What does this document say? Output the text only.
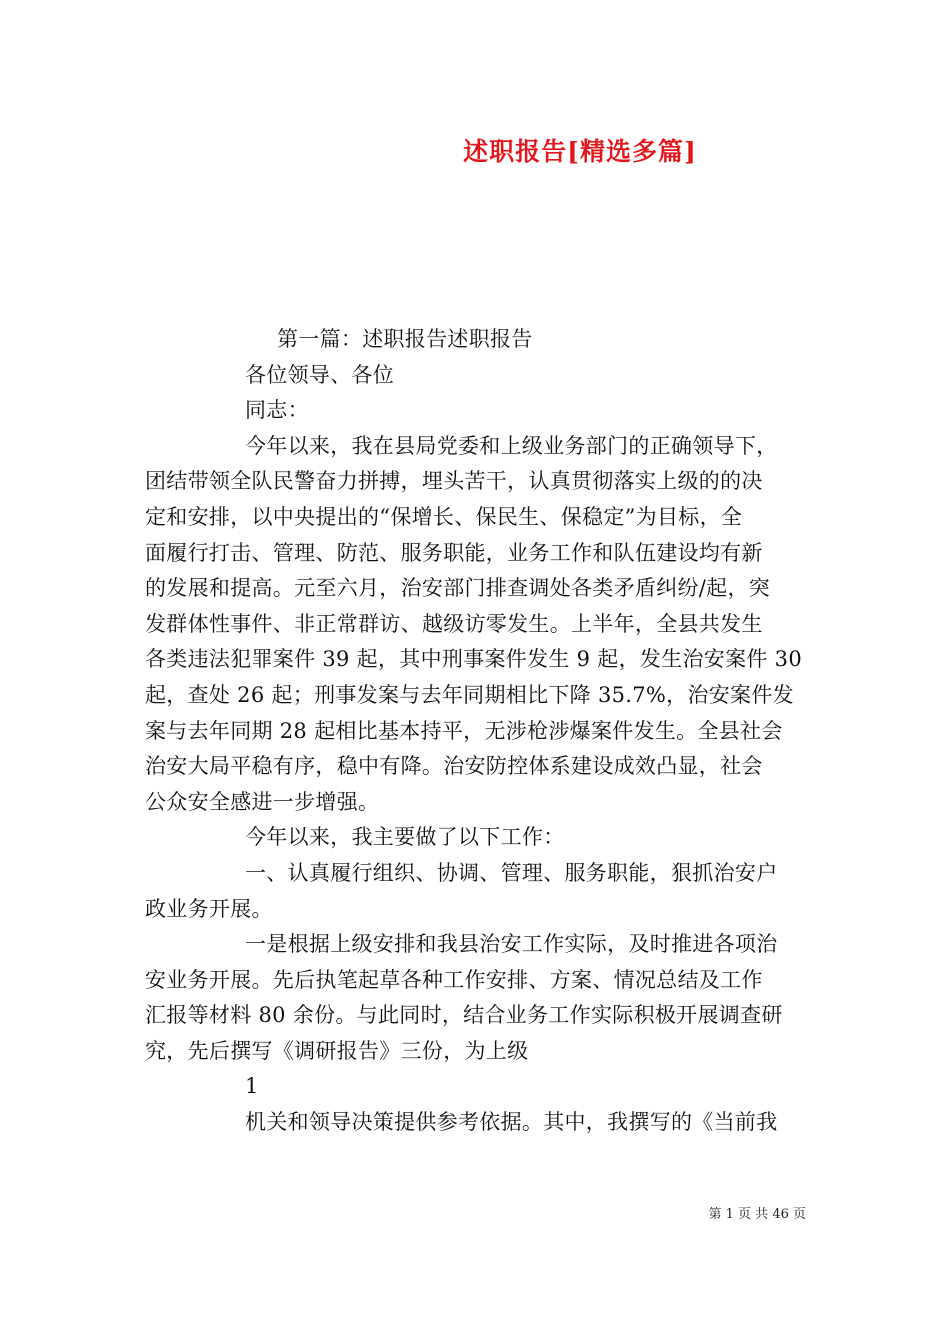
述职报告[精选多篇]
第一篇：述职报告述职报告
各位领导、各位
同志：
今年以来，我在县局党委和上级业务部门的正确领导下，
团结带领全队民警奋力拼搏，埋头苦干，认真贯彻落实上级的的决
定和安排，以中央提出的“保增长、保民生、保稳定”为目标，全
面履行打击、管理、防范、服务职能，业务工作和队伍建设均有新
的发展和提高。元至六月，治安部门排查调处各类矛盾纠纷/起，突
发群体性事件、非正常群访、越级访零发生。上半年，全县共发生
各类违法犯罪案件 39 起，其中刑事案件发生 9 起，发生治安案件 30
起，查处 26 起；刑事发案与去年同期相比下降 35.7%，治安案件发
案与去年同期 28 起相比基本持平，无涉枪涉爆案件发生。全县社会
治安大局平稳有序，稳中有降。治安防控体系建设成效凸显，社会
公众安全感进一步增强。
今年以来，我主要做了以下工作：
一、认真履行组织、协调、管理、服务职能，狠抓治安户
政业务开展。
一是根据上级安排和我县治安工作实际，及时推进各项治
安业务开展。先后执笔起草各种工作安排、方案、情况总结及工作
汇报等材料 80 余份。与此同时，结合业务工作实际积极开展调查研
究，先后撰写《调研报告》三份，为上级
1
机关和领导决策提供参考依据。其中，我撰写的《当前我
第 1 页 共 46 页
